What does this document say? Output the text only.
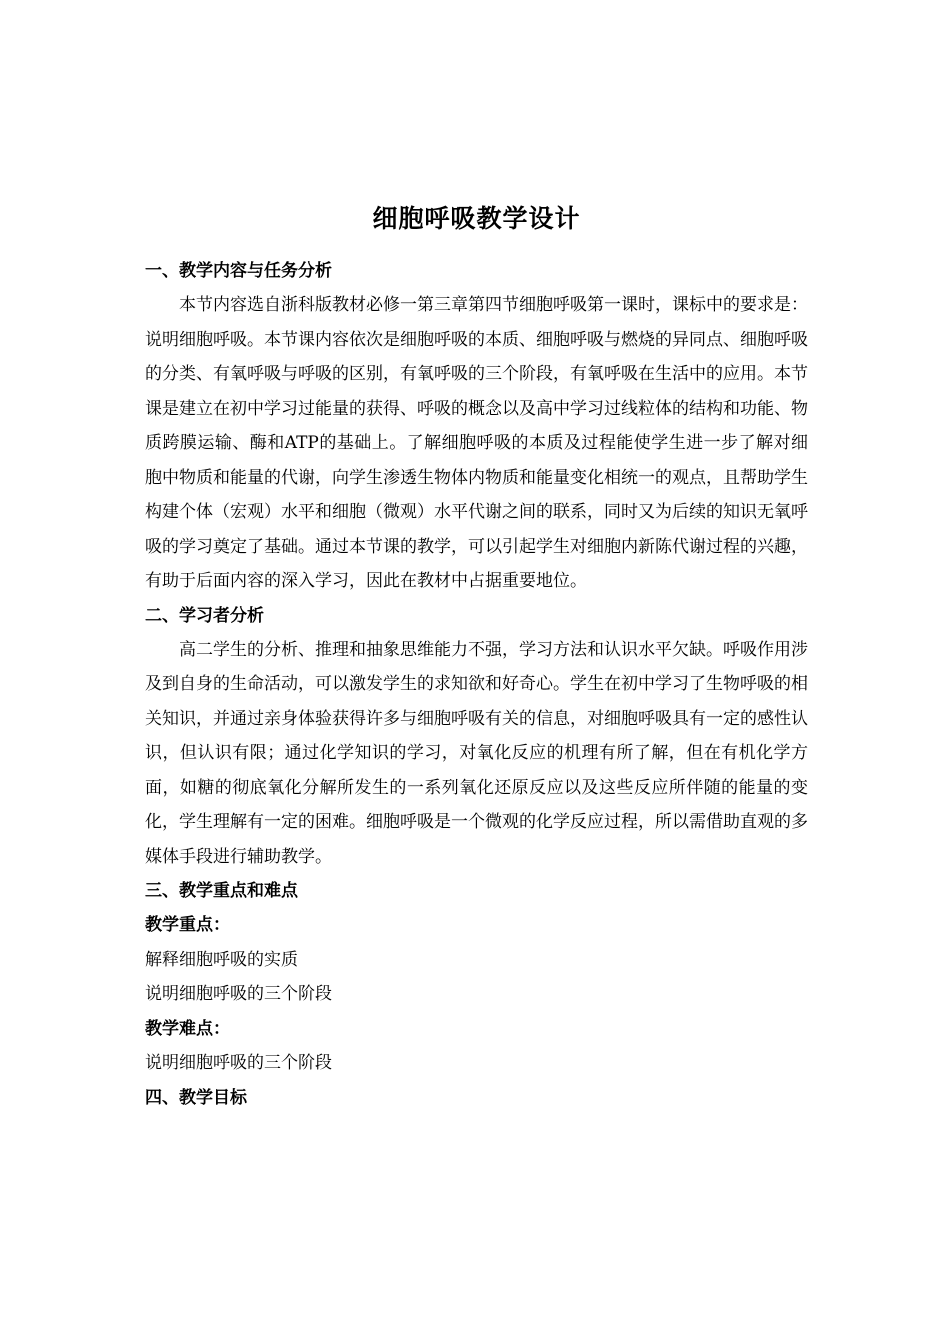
细胞呼吸教学设计

一、教学内容与任务分析

本节内容选自浙科版教材必修一第三章第四节细胞呼吸第一课时，课标中的要求是：说明细胞呼吸。本节课内容依次是细胞呼吸的本质、细胞呼吸与燃烧的异同点、细胞呼吸的分类、有氧呼吸与呼吸的区别，有氧呼吸的三个阶段，有氧呼吸在生活中的应用。本节课是建立在初中学习过能量的获得、呼吸的概念以及高中学习过线粒体的结构和功能、物质跨膜运输、酶和ATP的基础上。了解细胞呼吸的本质及过程能使学生进一步了解对细胞中物质和能量的代谢，向学生渗透生物体内物质和能量变化相统一的观点，且帮助学生构建个体（宏观）水平和细胞（微观）水平代谢之间的联系，同时又为后续的知识无氧呼吸的学习奠定了基础。通过本节课的教学，可以引起学生对细胞内新陈代谢过程的兴趣，有助于后面内容的深入学习，因此在教材中占据重要地位。

二、学习者分析

高二学生的分析、推理和抽象思维能力不强，学习方法和认识水平欠缺。呼吸作用涉及到自身的生命活动，可以激发学生的求知欲和好奇心。学生在初中学习了生物呼吸的相关知识，并通过亲身体验获得许多与细胞呼吸有关的信息，对细胞呼吸具有一定的感性认识，但认识有限；通过化学知识的学习，对氧化反应的机理有所了解，但在有机化学方面，如糖的彻底氧化分解所发生的一系列氧化还原反应以及这些反应所伴随的能量的变化，学生理解有一定的困难。细胞呼吸是一个微观的化学反应过程，所以需借助直观的多媒体手段进行辅助教学。

三、教学重点和难点

教学重点：

解释细胞呼吸的实质

说明细胞呼吸的三个阶段

教学难点：

说明细胞呼吸的三个阶段

四、教学目标
